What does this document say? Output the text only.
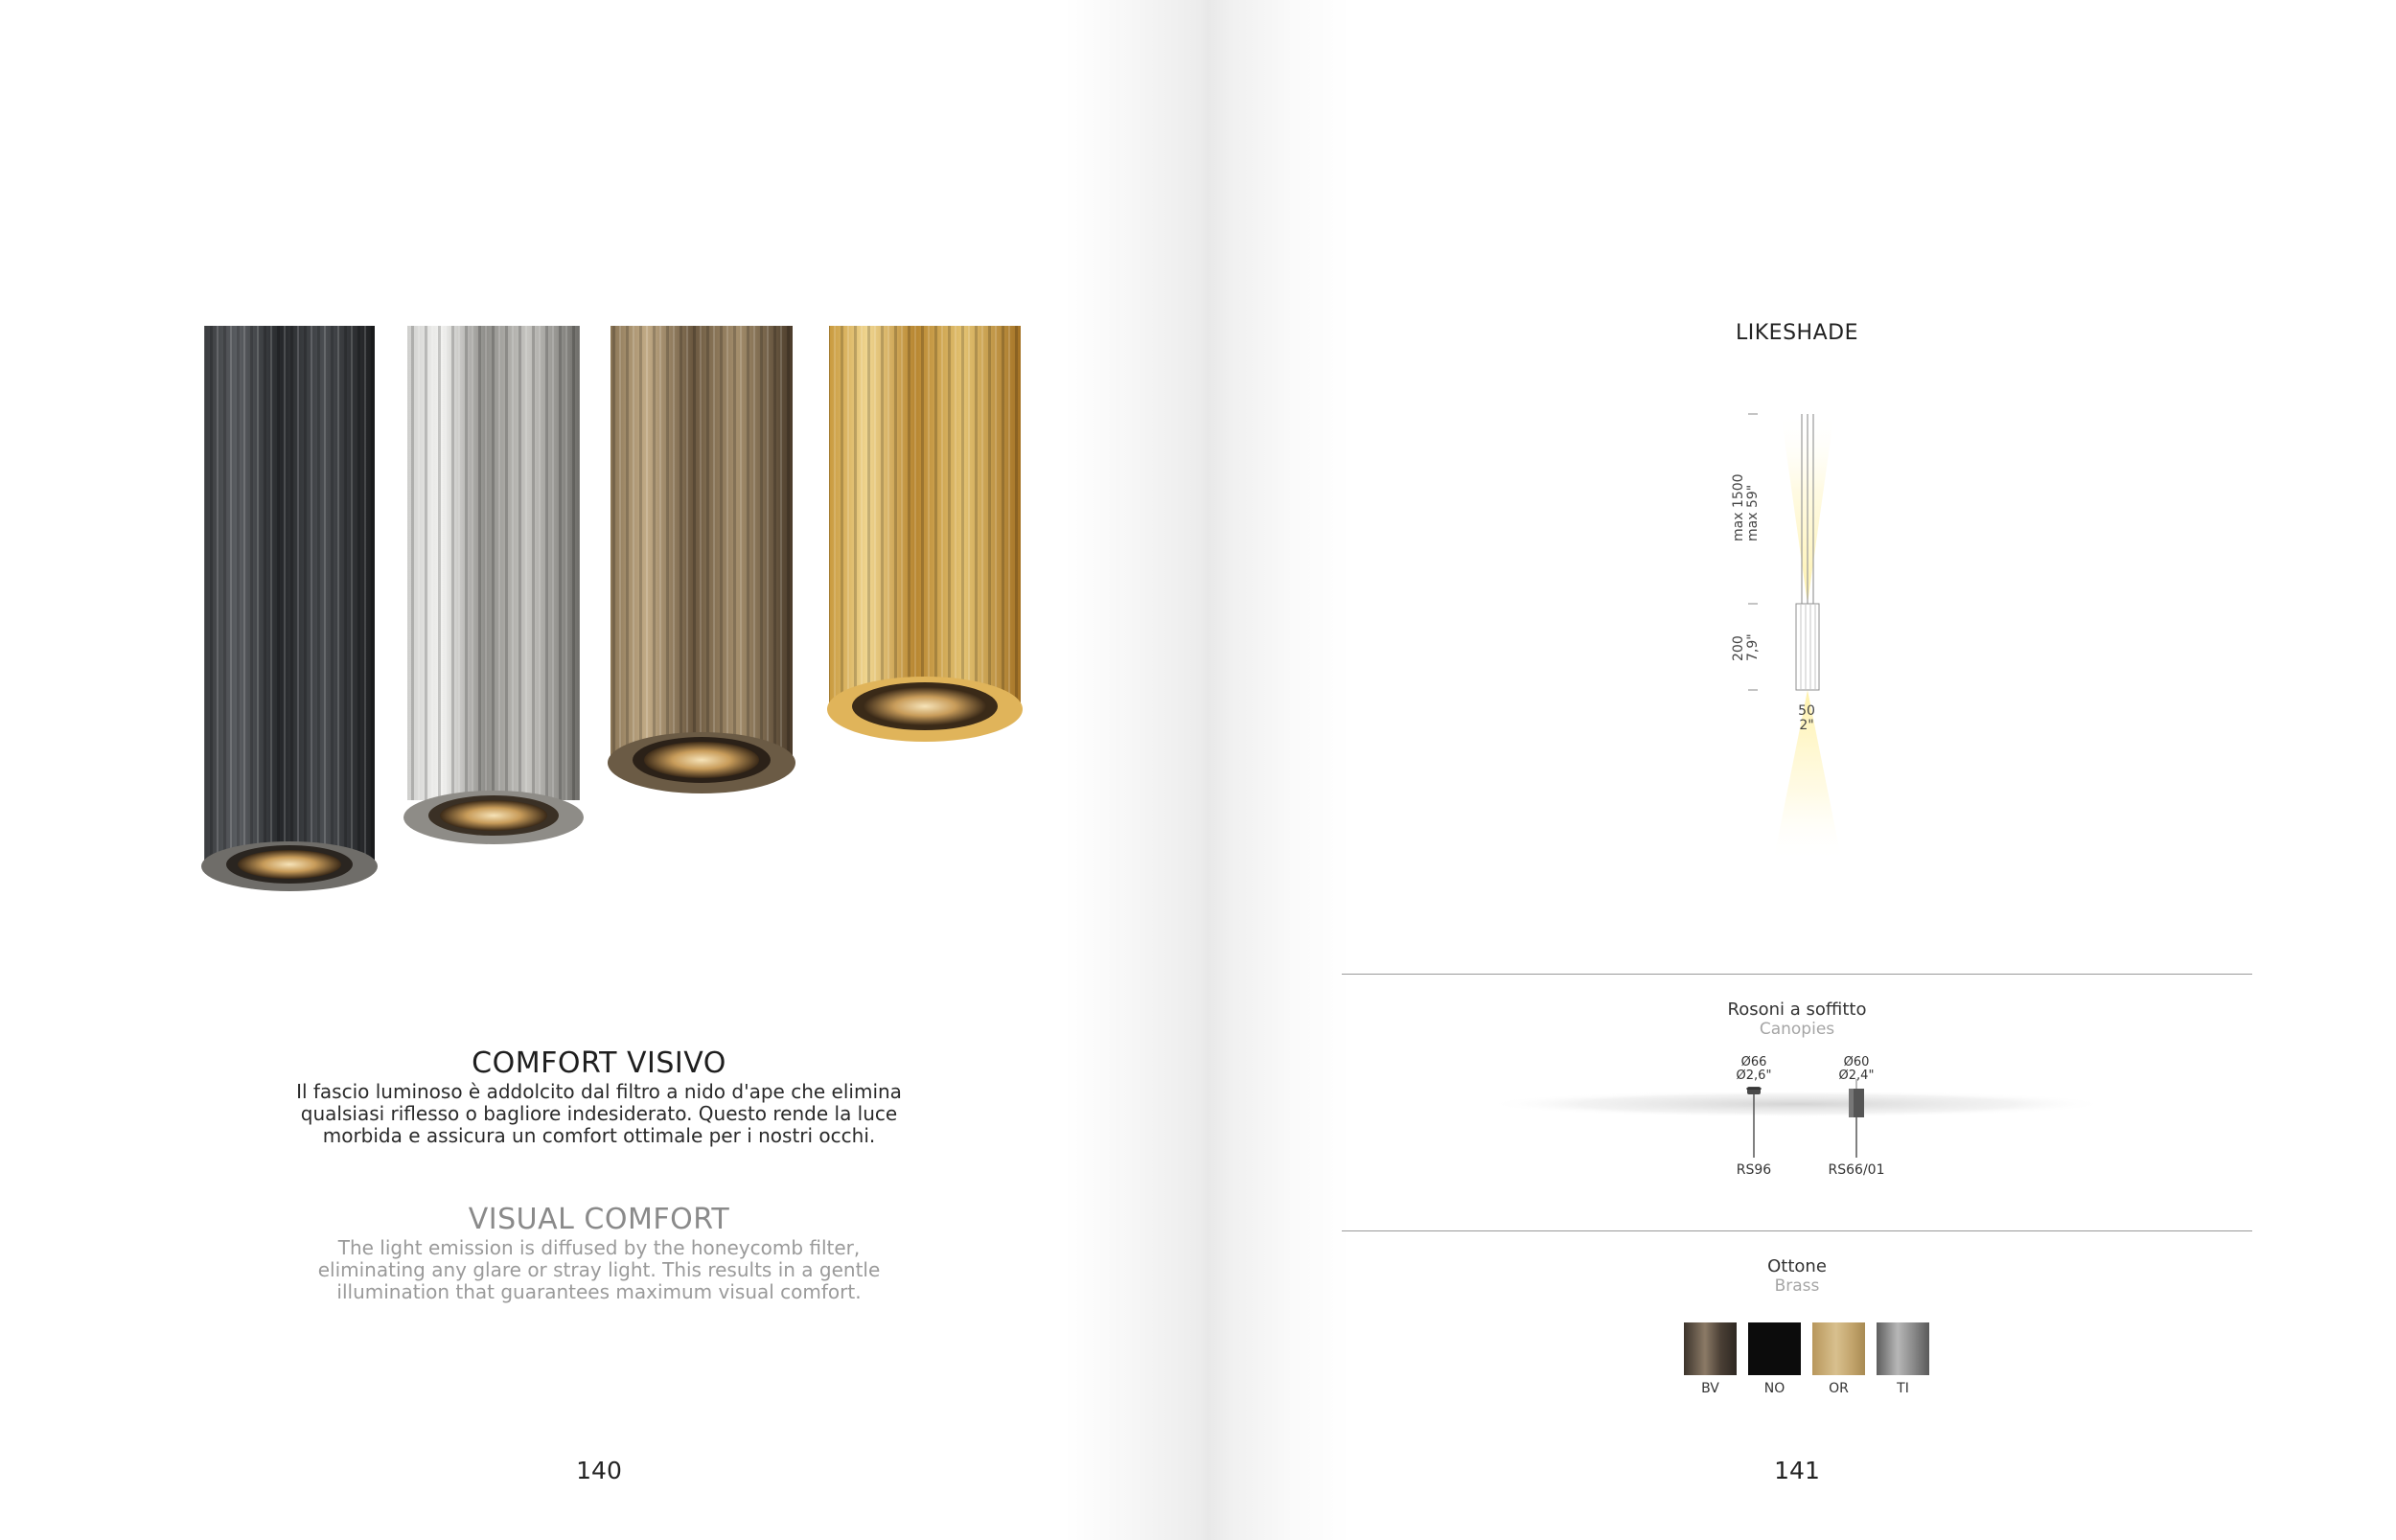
COMFORT VISIVO
Il fascio luminoso è addolcito dal filtro a nido d'ape che elimina
qualsiasi riflesso o bagliore indesiderato. Questo rende la luce
morbida e assicura un comfort ottimale per i nostri occhi.
VISUAL COMFORT
The light emission is diffused by the honeycomb filter,
eliminating any glare or stray light. This results in a gentle
illumination that guarantees maximum visual comfort.
140
LIKESHADE
max 1500 max 59"
200 7,9"
50
2"
Rosoni a soffitto
Canopies
Ø66
Ø2,6"
Ø60
Ø2,4"
RS96	RS66/01
Ottone
Brass
BV	NO	OR	TI
141
